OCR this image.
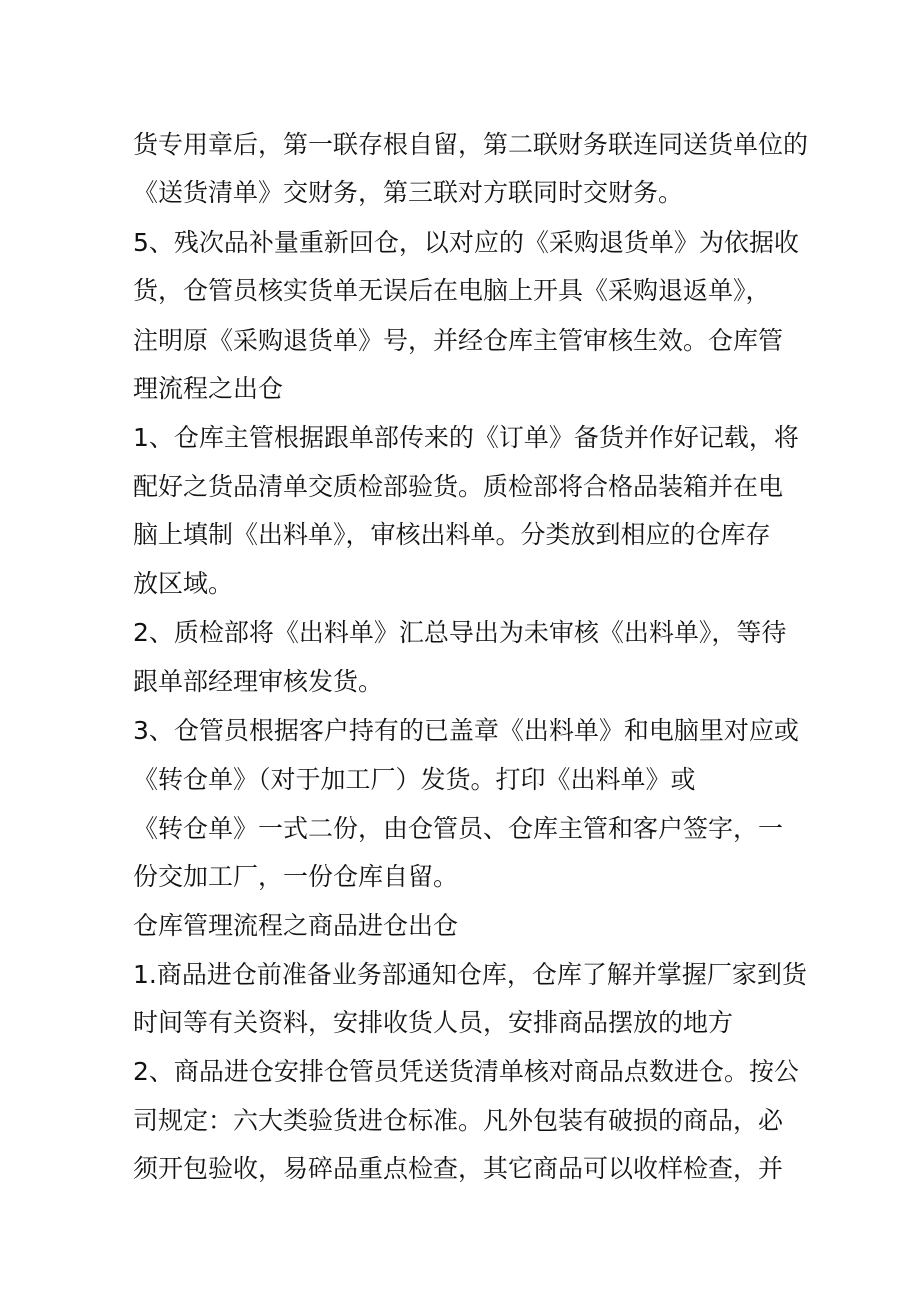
货专用章后，第一联存根自留，第二联财务联连同送货单位的

《送货清单》交财务，第三联对方联同时交财务。

5、残次品补量重新回仓，以对应的《采购退货单》为依据收

货，仓管员核实货单无误后在电脑上开具《采购退返单》，

注明原《采购退货单》号，并经仓库主管审核生效。仓库管

理流程之出仓

1、仓库主管根据跟单部传来的《订单》备货并作好记载，将

配好之货品清单交质检部验货。质检部将合格品装箱并在电

脑上填制《出料单》，审核出料单。分类放到相应的仓库存

放区域。

2、质检部将《出料单》汇总导出为未审核《出料单》，等待

跟单部经理审核发货。

3、仓管员根据客户持有的已盖章《出料单》和电脑里对应或

《转仓单》（对于加工厂）发货。打印《出料单》或

《转仓单》一式二份，由仓管员、仓库主管和客户签字，一

份交加工厂，一份仓库自留。

仓库管理流程之商品进仓出仓

1.商品进仓前准备业务部通知仓库，仓库了解并掌握厂家到货

时间等有关资料，安排收货人员，安排商品摆放的地方

2、商品进仓安排仓管员凭送货清单核对商品点数进仓。按公

司规定：六大类验货进仓标准。凡外包装有破损的商品，必

须开包验收，易碎品重点检查，其它商品可以收样检查，并
